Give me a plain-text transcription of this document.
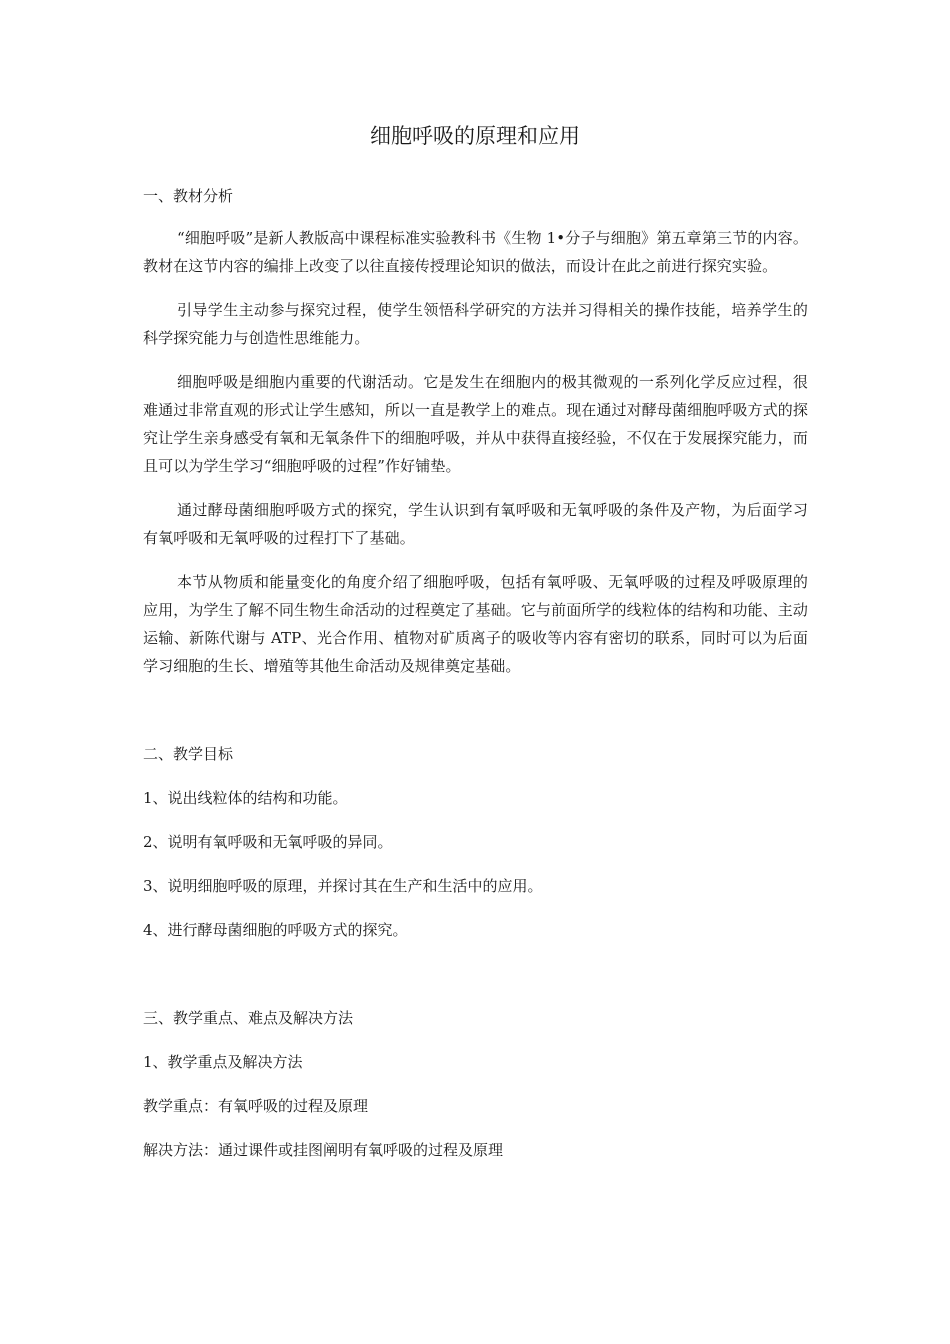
细胞呼吸的原理和应用

一、教材分析

“细胞呼吸”是新人教版高中课程标准实验教科书《生物 1•分子与细胞》第五章第三节的内容。教材在这节内容的编排上改变了以往直接传授理论知识的做法，而设计在此之前进行探究实验。

引导学生主动参与探究过程，使学生领悟科学研究的方法并习得相关的操作技能，培养学生的科学探究能力与创造性思维能力。

细胞呼吸是细胞内重要的代谢活动。它是发生在细胞内的极其微观的一系列化学反应过程，很难通过非常直观的形式让学生感知，所以一直是教学上的难点。现在通过对酵母菌细胞呼吸方式的探究让学生亲身感受有氧和无氧条件下的细胞呼吸，并从中获得直接经验，不仅在于发展探究能力，而且可以为学生学习“细胞呼吸的过程”作好铺垫。

通过酵母菌细胞呼吸方式的探究，学生认识到有氧呼吸和无氧呼吸的条件及产物，为后面学习有氧呼吸和无氧呼吸的过程打下了基础。

本节从物质和能量变化的角度介绍了细胞呼吸，包括有氧呼吸、无氧呼吸的过程及呼吸原理的应用，为学生了解不同生物生命活动的过程奠定了基础。它与前面所学的线粒体的结构和功能、主动运输、新陈代谢与 ATP、光合作用、植物对矿质离子的吸收等内容有密切的联系，同时可以为后面学习细胞的生长、增殖等其他生命活动及规律奠定基础。

二、教学目标

1、说出线粒体的结构和功能。

2、说明有氧呼吸和无氧呼吸的异同。

3、说明细胞呼吸的原理，并探讨其在生产和生活中的应用。

4、进行酵母菌细胞的呼吸方式的探究。

三、教学重点、难点及解决方法

1、教学重点及解决方法

教学重点：有氧呼吸的过程及原理

解决方法：通过课件或挂图阐明有氧呼吸的过程及原理
